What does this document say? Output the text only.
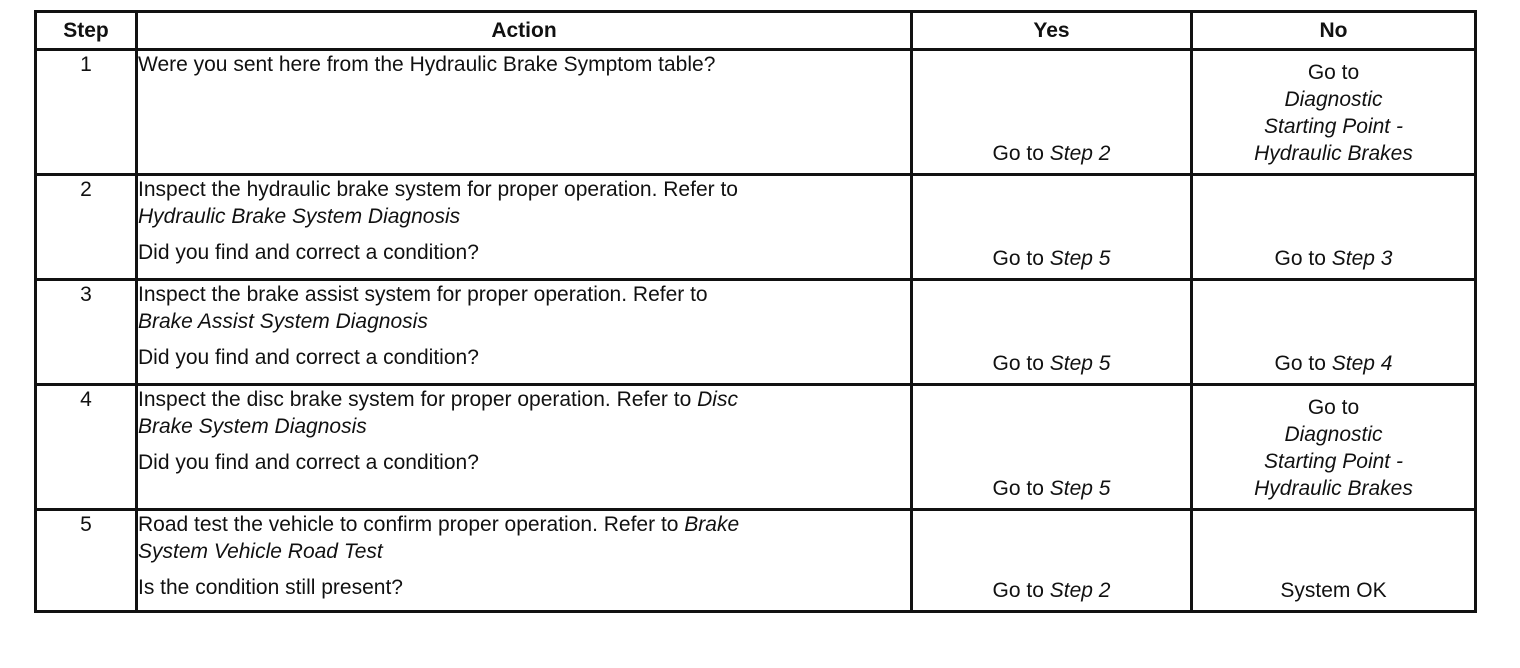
Step	Action	Yes	No
1	Were you sent here from the Hydraulic Brake Symptom table?	Go to Step 2	Go to
Diagnostic
Starting Point -
Hydraulic Brakes

2	Inspect the hydraulic brake system for proper operation. Refer to
Hydraulic Brake System Diagnosis
Did you find and correct a condition?	Go to Step 5	Go to Step 3

3	Inspect the brake assist system for proper operation. Refer to
Brake Assist System Diagnosis
Did you find and correct a condition?	Go to Step 5	Go to Step 4

4	Inspect the disc brake system for proper operation. Refer to Disc
Brake System Diagnosis
Did you find and correct a condition?	Go to Step 5	Go to
Diagnostic
Starting Point -
Hydraulic Brakes

5	Road test the vehicle to confirm proper operation. Refer to Brake
System Vehicle Road Test
Is the condition still present?	Go to Step 2	System OK
